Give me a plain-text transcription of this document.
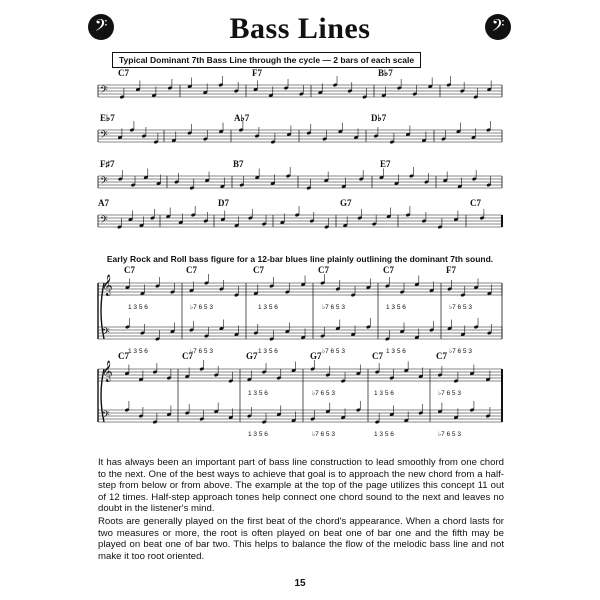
𝄢	Bass Lines	𝄢
Typical Dominant 7th Bass Line through the cycle — 2 bars of each scale
𝄢
C7	F7	B♭7
𝄢
E♭7	A♭7	D♭7
𝄢
F♯7	B7	E7
𝄢
A7	D7	G7	C7
𝄞
𝄢
C7	C7	C7	C7	C7	F7
1 3 5 6
1 3 5 6
♭7 6 5 3
♭7 6 5 3
1 3 5 6
1 3 5 6
♭7 6 5 3
♭7 6 5 3
1 3 5 6
1 3 5 6
♭7 6 5 3
♭7 6 5 3
𝄞
𝄢
C7	C7	G7	G7	C7	C7
1 3 5 6
1 3 5 6
♭7 6 5 3
♭7 6 5 3
1 3 5 6
1 3 5 6
♭7 6 5 3
♭7 6 5 3
Early Rock and Roll bass figure for a 12-bar blues line plainly outlining the dominant 7th sound.
It has always been an important part of bass line construction to lead smoothly from one chord to the next. One of the best ways to achieve that goal is to approach the new chord from a half-step from below or from above. The example at the top of the page utilizes this concept 11 out of 12 times. Half-step approach tones help connect one chord sound to the next and leaves no doubt in the listener's mind.
Roots are generally played on the first beat of the chord's appearance. When a chord lasts for two measures or more, the root is often played on beat one of bar one and the fifth may be played on beat one of bar two. This helps to balance the flow of the melodic bass line and not make it too root oriented.
15
